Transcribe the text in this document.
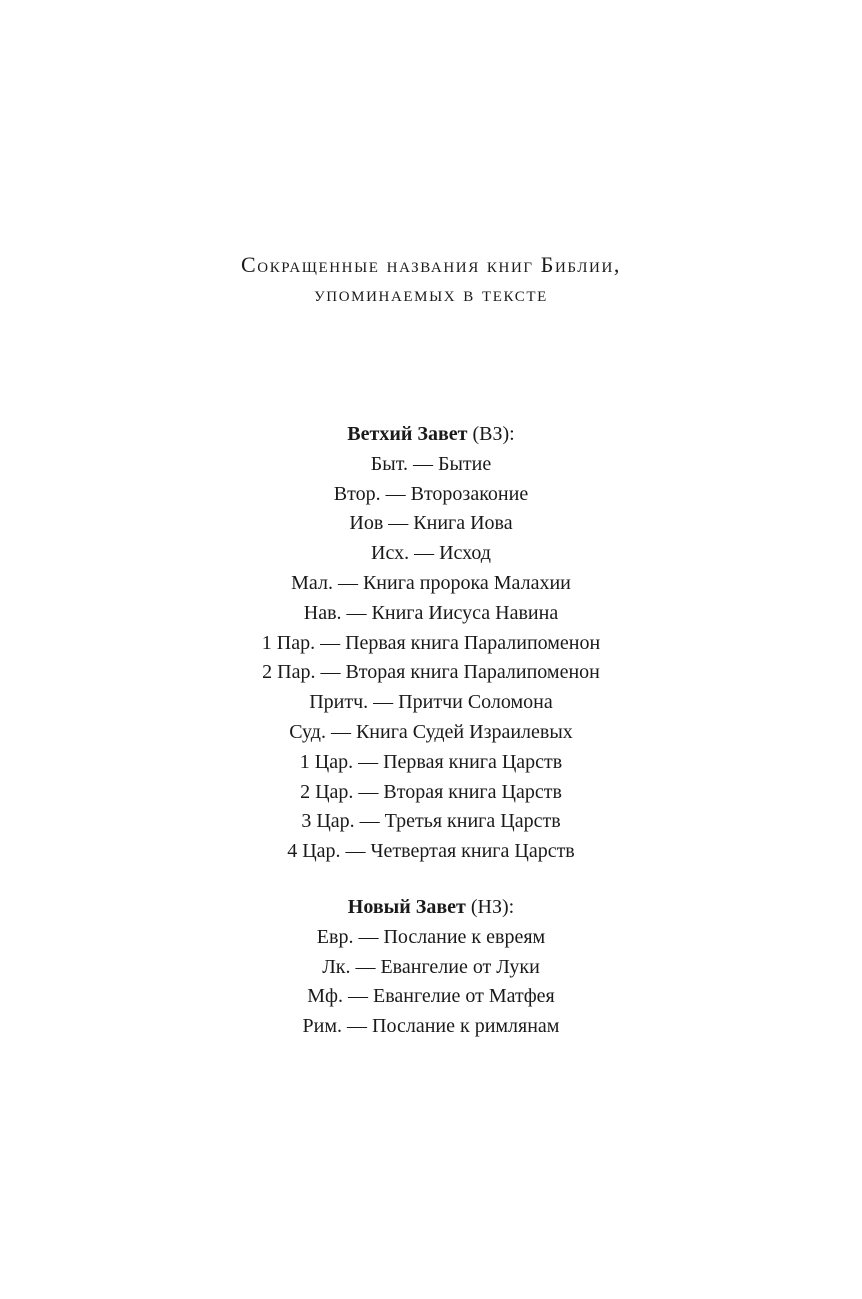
Сокращенные названия книг Библии,
упоминаемых в тексте
Ветхий Завет (ВЗ):
Быт. — Бытие
Втор. — Второзаконие
Иов — Книга Иова
Исх. — Исход
Мал. — Книга пророка Малахии
Нав. — Книга Иисуса Навина
1 Пар. — Первая книга Паралипоменон
2 Пар. — Вторая книга Паралипоменон
Притч. — Притчи Соломона
Суд. — Книга Судей Израилевых
1 Цар. — Первая книга Царств
2 Цар. — Вторая книга Царств
3 Цар. — Третья книга Царств
4 Цар. — Четвертая книга Царств
Новый Завет (НЗ):
Евр. — Послание к евреям
Лк. — Евангелие от Луки
Мф. — Евангелие от Матфея
Рим. — Послание к римлянам
